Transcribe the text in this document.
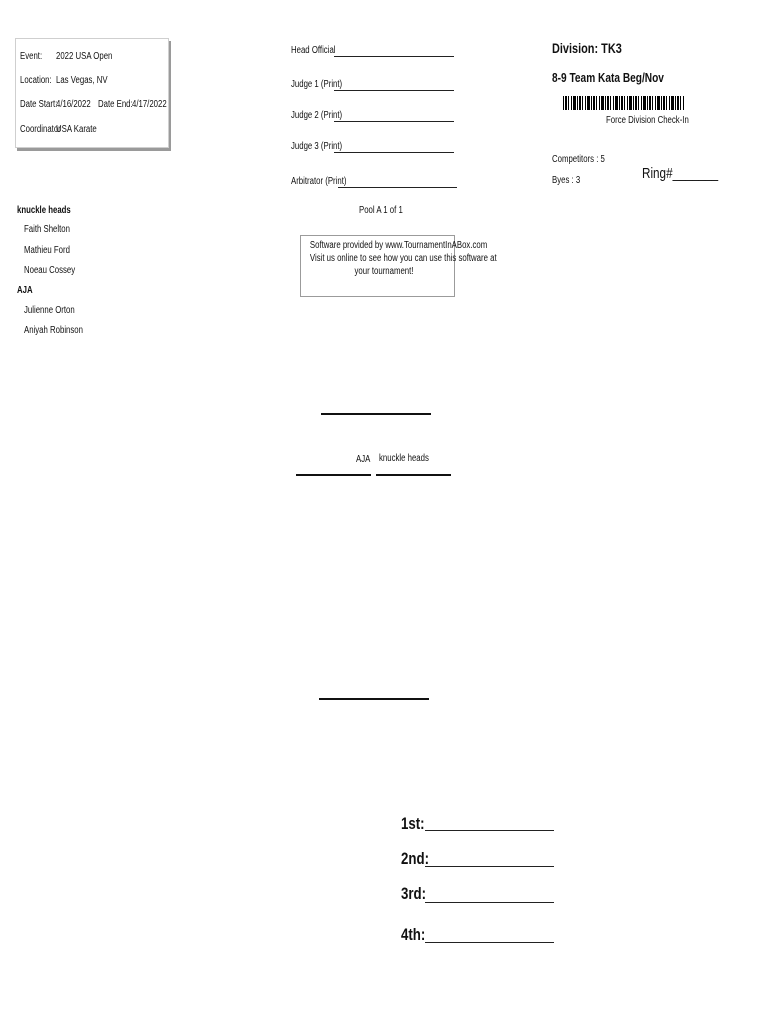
Event: 2022 USA Open
Location: Las Vegas, NV
Date Start:
4/16/2022 Date End: 4/17/2022
Coordinator
USA Karate
Head Official
Judge 1 (Print)
Judge 2 (Print)
Judge 3 (Print)
Arbitrator (Print)
Pool A 1 of 1
Software provided by www.TournamentInABox.com
Visit us online to see how you can use this software at
your tournament!
Division: TK3
8-9 Team Kata Beg/Nov
Force Division Check-In
Competitors : 5
Byes : 3	Ring#_______
knuckle heads
Faith Shelton
Mathieu Ford
Noeau Cossey
AJA
Julienne Orton
Aniyah Robinson
AJA knuckle heads
1st:
2nd:
3rd:
4th:
